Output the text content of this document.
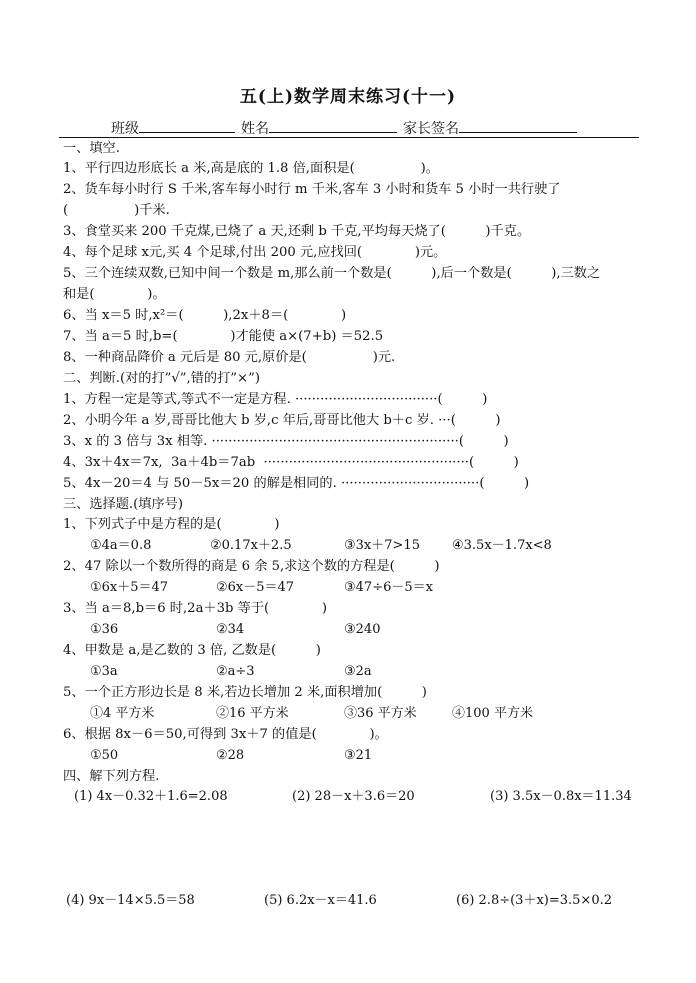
五(上)数学周末练习(十一)
班级	姓名	家长签名
一、填空.
1、平行四边形底长 a 米,高是底的 1.8 倍,面积是(　　　　　)。
2、货车每小时行 S 千米,客车每小时行 m 千米,客车 3 小时和货车 5 小时一共行驶了
(　　　　　)千米.
3、食堂买来 200 千克煤,已烧了 a 天,还剩 b 千克,平均每天烧了(　　　)千克。
4、每个足球 x元,买 4 个足球,付出 200 元,应找回(　　　　)元。
5、三个连续双数,已知中间一个数是 m,那么前一个数是(　　　),后一个数是(　　　),三数之
和是(　　　　)。
6、当 x＝5 时,x²＝(　　　),2x＋8＝(　　　　)
7、当 a＝5 时,b=(　　　　)才能使 a×(7+b) ＝52.5
8、一种商品降价 a 元后是 80 元,原价是(　　　　　)元.
二、判断.(对的打”√”,错的打”×”)
1、方程一定是等式,等式不一定是方程. ··································(　　　)
2、小明今年 a 岁,哥哥比他大 b 岁,c 年后,哥哥比他大 b＋c 岁. ···(　　　)
3、x 的 3 倍与 3x 相等. ···························································(　　　)
4、3x＋4x＝7x,  3a＋4b＝7ab  ·················································(　　　)
5、4x－20＝4 与 50－5x＝20 的解是相同的. ·································(　　　)
三、选择题.(填序号)
1、下列式子中是方程的是(　　　　)
①4a＝0.8	②0.17x＋2.5	③3x＋7>15 ④3.5x－1.7x<8
2、47 除以一个数所得的商是 6 余 5,求这个数的方程是(　　　)
①6x＋5＝47	②6x－5＝47	③47÷6－5＝x
3、当 a＝8,b＝6 时,2a＋3b 等于(　　　　)
①36	②34	③240
4、甲数是 a,是乙数的 3 倍, 乙数是(　　　)
①3a	②a÷3	③2a
5、一个正方形边长是 8 米,若边长增加 2 米,面积增加(　　　)
①4 平方米	②16 平方米	③36 平方米	④100 平方米
6、根据 8x－6＝50,可得到 3x＋7 的值是(　　　　)。
①50	②28	③21
四、解下列方程.
(1) 4x－0.32＋1.6=2.08	(2) 28－x＋3.6＝20	(3) 3.5x－0.8x＝11.34
(4) 9x－14×5.5＝58	(5) 6.2x－x＝41.6	(6) 2.8÷(3＋x)=3.5×0.2
